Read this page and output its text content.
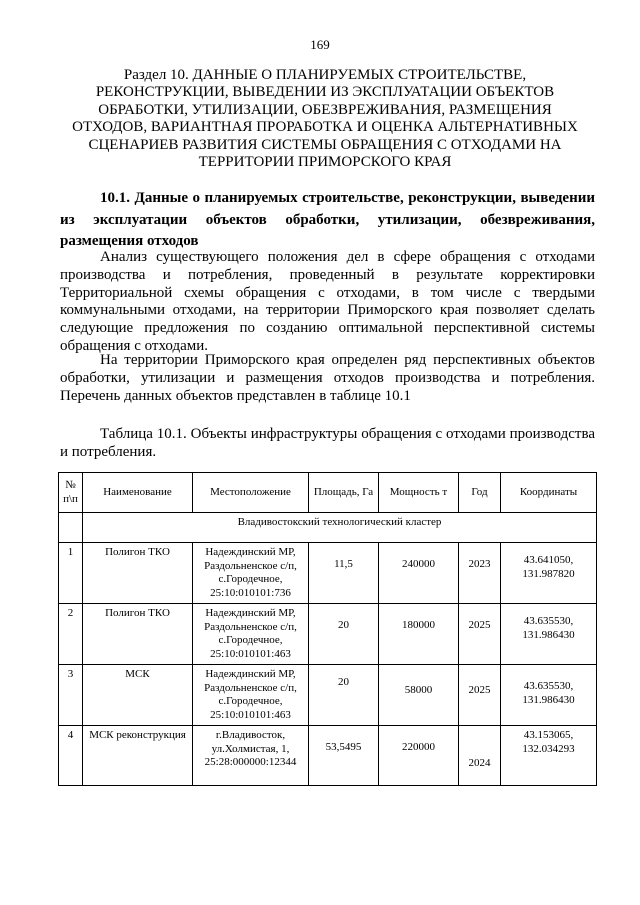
169
Раздел 10. ДАННЫЕ О ПЛАНИРУЕМЫХ СТРОИТЕЛЬСТВЕ, РЕКОНСТРУКЦИИ, ВЫВЕДЕНИИ ИЗ ЭКСПЛУАТАЦИИ ОБЪЕКТОВ ОБРАБОТКИ, УТИЛИЗАЦИИ, ОБЕЗВРЕЖИВАНИЯ, РАЗМЕЩЕНИЯ ОТХОДОВ, ВАРИАНТНАЯ ПРОРАБОТКА И ОЦЕНКА АЛЬТЕРНАТИВНЫХ СЦЕНАРИЕВ РАЗВИТИЯ СИСТЕМЫ ОБРАЩЕНИЯ С ОТХОДАМИ НА ТЕРРИТОРИИ ПРИМОРСКОГО КРАЯ
10.1. Данные о планируемых строительстве, реконструкции, выведении из эксплуатации объектов обработки, утилизации, обезвреживания, размещения отходов

Анализ существующего положения дел в сфере обращения с отходами производства и потребления, проведенный в результате корректировки Территориальной схемы обращения с отходами, в том числе с твердыми коммунальными отходами, на территории Приморского края позволяет сделать следующие предложения по созданию оптимальной перспективной системы обращения с отходами.

На территории Приморского края определен ряд перспективных объектов обработки, утилизации и размещения отходов производства и потребления. Перечень данных объектов представлен в таблице 10.1

Таблица 10.1. Объекты инфраструктуры обращения с отходами производства и потребления.
№ п\п	Наименование	Местоположение	Площадь, Га	Мощность т	Год	Координаты
	Владивостокский технологический кластер					
1	Полигон ТКО	Надеждинский МР, Раздольненское с/п, с.Городечное, 25:10:010101:736	11,5	240000	2023	43.641050, 131.987820

2	Полигон ТКО	Надеждинский МР, Раздольненское с/п, с.Городечное, 25:10:010101:463	20	180000	2025	43.635530, 131.986430

3	МСК	Надеждинский МР, Раздольненское с/п, с.Городечное, 25:10:010101:463	20	58000	2025	43.635530, 131.986430

4	МСК реконструкция	г.Владивосток, ул.Холмистая, 1, 25:28:000000:12344	53,5495	220000	2024	43.153065, 132.034293
